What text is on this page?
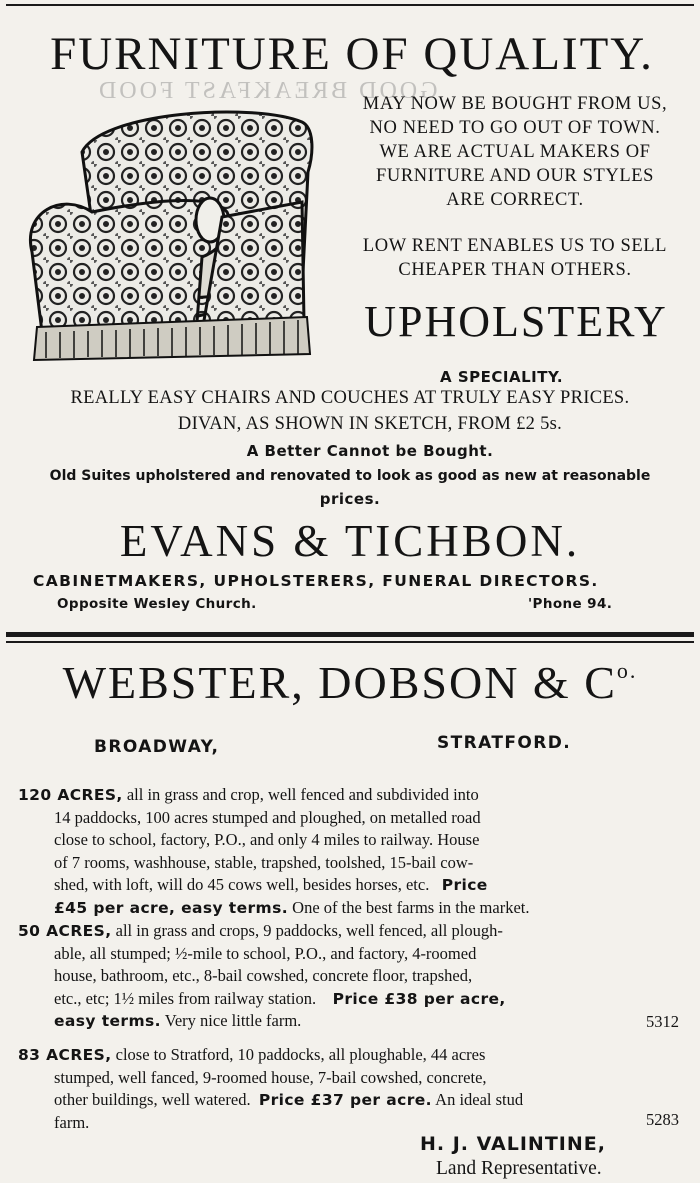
FURNITURE OF QUALITY.
GOOD BREAKFAST FOOD
MAY NOW BE BOUGHT FROM US,
NO NEED TO GO OUT OF TOWN.
WE ARE ACTUAL MAKERS OF
FURNITURE AND OUR STYLES
ARE CORRECT.
LOW RENT ENABLES US TO SELL
CHEAPER THAN OTHERS.
UPHOLSTERY
A SPECIALITY.
REALLY EASY CHAIRS AND COUCHES AT TRULY EASY PRICES.
DIVAN, AS SHOWN IN SKETCH, FROM £2 5s.
A Better Cannot be Bought.
Old Suites upholstered and renovated to look as good as new at reasonable
prices.
EVANS & TICHBON.
CABINETMAKERS, UPHOLSTERERS, FUNERAL DIRECTORS.
Opposite Wesley Church.	'Phone 94.
WEBSTER, DOBSON & $C^{o.}$
BROADWAY,	STRATFORD.
120 ACRES, all in grass and crop, well fenced and subdivided into
14 paddocks, 100 acres stumped and ploughed, on metalled road
close to school, factory, P.O., and only 4 miles to railway. House
of 7 rooms, washhouse, stable, trapshed, toolshed, 15-bail cow-
shed, with loft, will do 45 cows well, besides horses, etc. Price
£45 per acre, easy terms. One of the best farms in the market.
50 ACRES, all in grass and crops, 9 paddocks, well fenced, all plough-
able, all stumped; ½-mile to school, P.O., and factory, 4-roomed
house, bathroom, etc., 8-bail cowshed, concrete floor, trapshed,
etc., etc; 1½ miles from railway station. Price £38 per acre,
easy terms. Very nice little farm.	5312
83 ACRES, close to Stratford, 10 paddocks, all ploughable, 44 acres
stumped, well fanced, 9-roomed house, 7-bail cowshed, concrete,
other buildings, well watered. Price £37 per acre. An ideal stud
farm.	5283
H. J. VALINTINE,
Land Representative.
